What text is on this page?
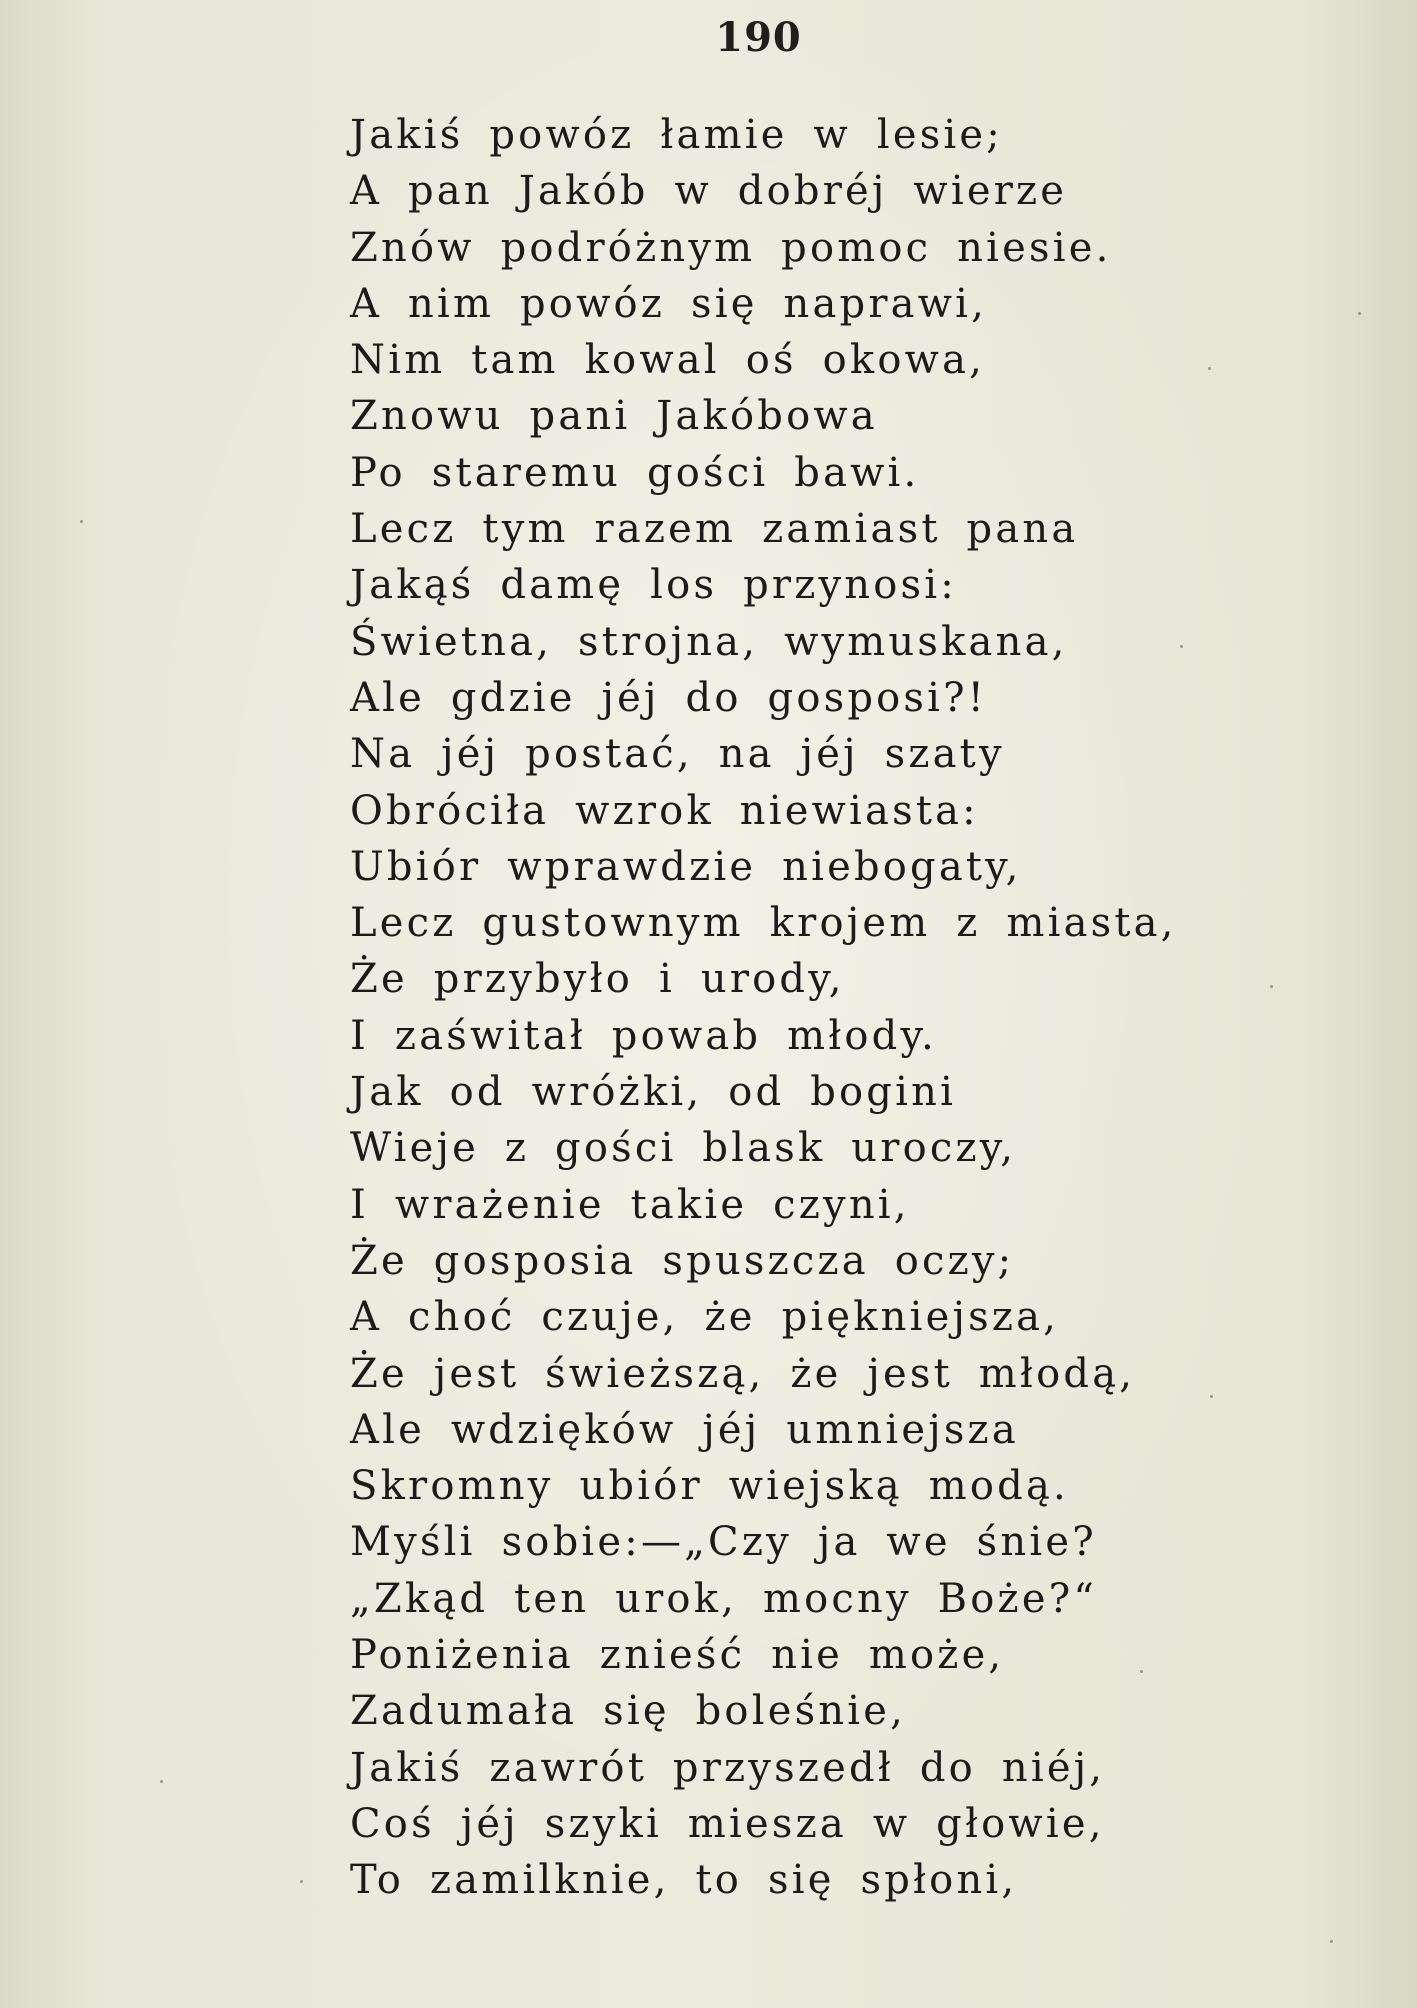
190
Jakiś powóz łamie w lesie;
A pan Jakób w dobréj wierze
Znów podróżnym pomoc niesie.
A nim powóz się naprawi,
Nim tam kowal oś okowa,
Znowu pani Jakóbowa
Po staremu gości bawi.
Lecz tym razem zamiast pana
Jakąś damę los przynosi:
Świetna, strojna, wymuskana,
Ale gdzie jéj do gosposi?!
Na jéj postać, na jéj szaty
Obróciła wzrok niewiasta:
Ubiór wprawdzie niebogaty,
Lecz gustownym krojem z miasta,
Że przybyło i urody,
I zaświtał powab młody.
Jak od wróżki, od bogini
Wieje z gości blask uroczy,
I wrażenie takie czyni,
Że gosposia spuszcza oczy;
A choć czuje, że piękniejsza,
Że jest świeższą, że jest młodą,
Ale wdzięków jéj umniejsza
Skromny ubiór wiejską modą.
Myśli sobie:—„Czy ja we śnie?
„Zkąd ten urok, mocny Boże?“
Poniżenia znieść nie może,
Zadumała się boleśnie,
Jakiś zawrót przyszedł do niéj,
Coś jéj szyki miesza w głowie,
To zamilknie, to się spłoni,
